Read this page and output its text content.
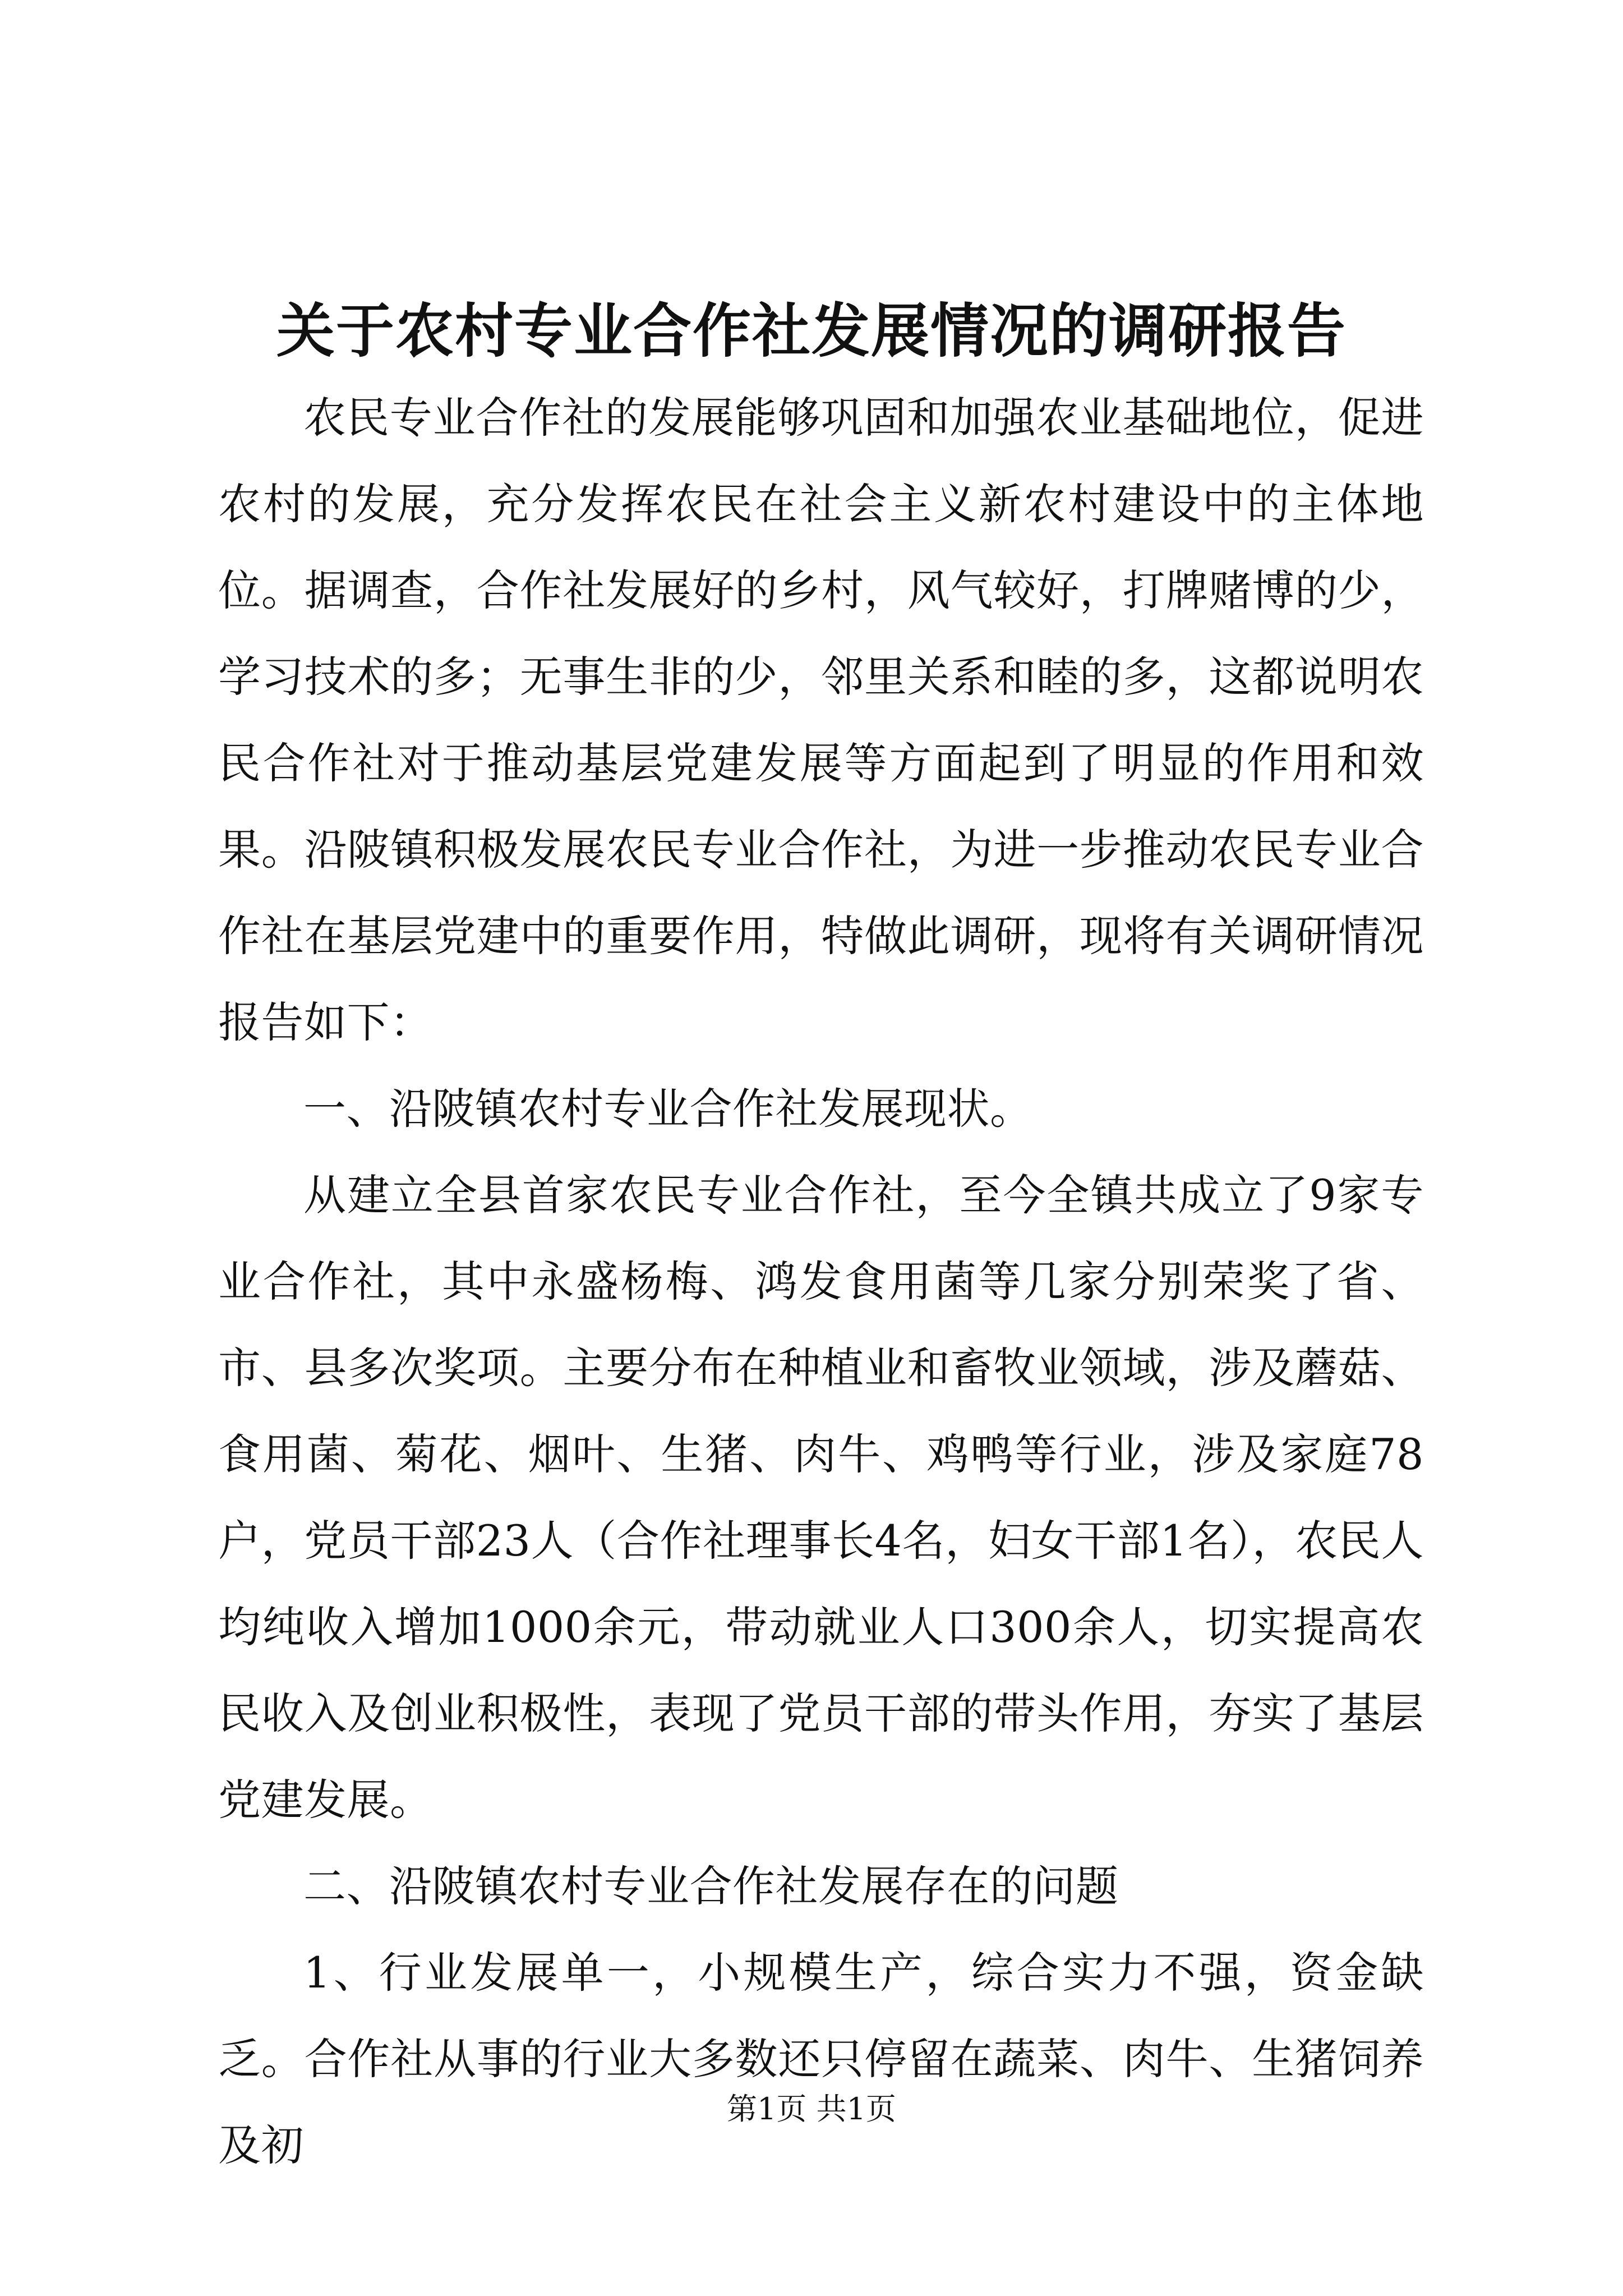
关于农村专业合作社发展情况的调研报告

农民专业合作社的发展能够巩固和加强农业基础地位，促进农村的发展，充分发挥农民在社会主义新农村建设中的主体地位。据调查，合作社发展好的乡村，风气较好，打牌赌博的少，学习技术的多；无事生非的少，邻里关系和睦的多，这都说明农民合作社对于推动基层党建发展等方面起到了明显的作用和效果。沿陂镇积极发展农民专业合作社，为进一步推动农民专业合作社在基层党建中的重要作用，特做此调研，现将有关调研情况报告如下：

一、沿陂镇农村专业合作社发展现状。

从建立全县首家农民专业合作社，至今全镇共成立了9家专业合作社，其中永盛杨梅、鸿发食用菌等几家分别荣奖了省、市、县多次奖项。主要分布在种植业和畜牧业领域，涉及蘑菇、食用菌、菊花、烟叶、生猪、肉牛、鸡鸭等行业，涉及家庭78户，党员干部23人（合作社理事长4名，妇女干部1名），农民人均纯收入增加1000余元，带动就业人口300余人，切实提高农民收入及创业积极性，表现了党员干部的带头作用，夯实了基层党建发展。

二、沿陂镇农村专业合作社发展存在的问题

1、行业发展单一，小规模生产，综合实力不强，资金缺乏。合作社从事的行业大多数还只停留在蔬菜、肉牛、生猪饲养及初

第1页 共1页
